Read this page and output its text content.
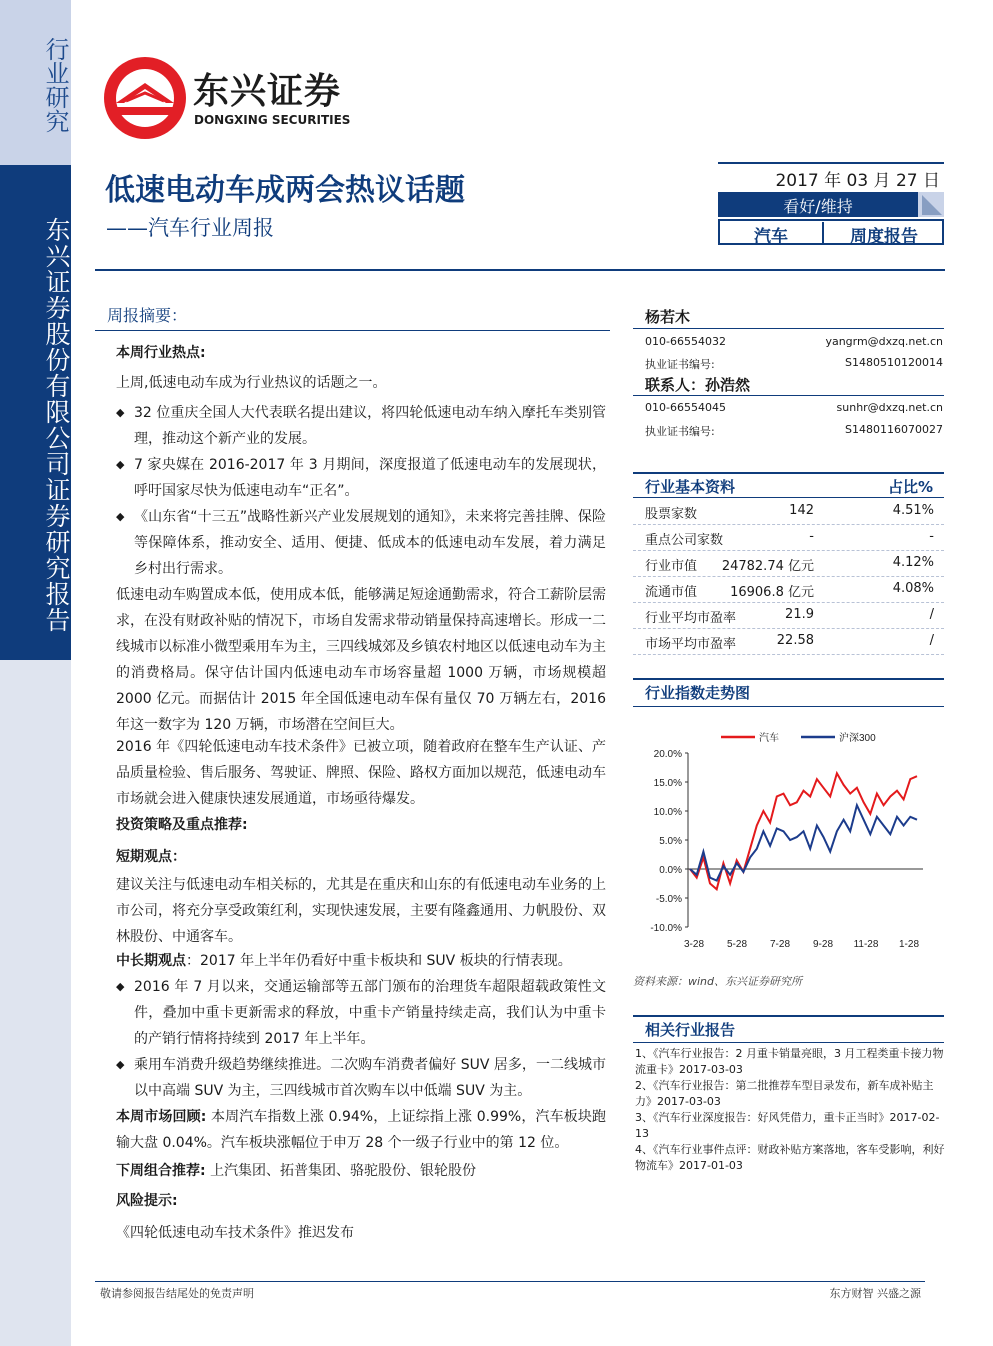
行业研究
东兴证券股份有限公司证券研究报告
东兴证券
DONGXING SECURITIES
低速电动车成两会热议话题
——汽车行业周报
2017 年 03 月 27 日
看好/维持
汽车	周度报告
周报摘要：
本周行业热点:
上周,低速电动车成为行业热议的话题之一。
◆ 32 位重庆全国人大代表联名提出建议，将四轮低速电动车纳入摩托车类别管理，推动这个新产业的发展。
◆ 7 家央媒在 2016-2017 年 3 月期间，深度报道了低速电动车的发展现状，呼吁国家尽快为低速电动车“正名”。
◆ 《山东省“十三五”战略性新兴产业发展规划的通知》，未来将完善挂牌、保险等保障体系，推动安全、适用、便捷、低成本的低速电动车发展，着力满足乡村出行需求。
低速电动车购置成本低，使用成本低，能够满足短途通勤需求，符合工薪阶层需求，在没有财政补贴的情况下，市场自发需求带动销量保持高速增长。形成一二线城市以标准小微型乘用车为主，三四线城郊及乡镇农村地区以低速电动车为主的消费格局。保守估计国内低速电动车市场容量超 1000 万辆，市场规模超 2000 亿元。而据估计 2015 年全国低速电动车保有量仅 70 万辆左右，2016 年这一数字为 120 万辆，市场潜在空间巨大。
2016 年《四轮低速电动车技术条件》已被立项，随着政府在整车生产认证、产品质量检验、售后服务、驾驶证、牌照、保险、路权方面加以规范，低速电动车市场就会进入健康快速发展通道，市场亟待爆发。
投资策略及重点推荐:
短期观点：
建议关注与低速电动车相关标的，尤其是在重庆和山东的有低速电动车业务的上市公司，将充分享受政策红利，实现快速发展，主要有隆鑫通用、力帆股份、双林股份、中通客车。
中长期观点：2017 年上半年仍看好中重卡板块和 SUV 板块的行情表现。
◆ 2016 年 7 月以来，交通运输部等五部门颁布的治理货车超限超载政策性文件，叠加中重卡更新需求的释放，中重卡产销量持续走高，我们认为中重卡的产销行情将持续到 2017 年上半年。
◆ 乘用车消费升级趋势继续推进。二次购车消费者偏好 SUV 居多，一二线城市以中高端 SUV 为主，三四线城市首次购车以中低端 SUV 为主。
本周市场回顾: 本周汽车指数上涨 0.94%，上证综指上涨 0.99%，汽车板块跑输大盘 0.04%。汽车板块涨幅位于申万 28 个一级子行业中的第 12 位。
下周组合推荐: 上汽集团、拓普集团、骆驼股份、银轮股份
风险提示:
《四轮低速电动车技术条件》推迟发布
杨若木
010-66554032	yangrm@dxzq.net.cn
执业证书编号:	S1480510120014
联系人：孙浩然
010-66554045	sunhr@dxzq.net.cn
执业证书编号:	S1480116070027
行业基本资料	占比%
股票家数	142	4.51%
重点公司家数	-	-
行业市值 24782.74 亿元	4.12%
流通市值	16906.8 亿元	4.08%
行业平均市盈率	21.9	/
市场平均市盈率	22.58	/
行业指数走势图
20.0%
15.0%
10.0%
5.0%
0.0%
-5.0%
-10.0%
3-28 5-28 7-28 9-28 11-28 1-28
汽车	沪深300
资料来源：wind、东兴证券研究所
相关行业报告
1、《汽车行业报告：2 月重卡销量亮眼，3 月工程类重卡接力物流重卡》2017-03-03
2、《汽车行业报告：第二批推荐车型目录发布，新车成补贴主力》2017-03-03
3、《汽车行业深度报告：好风凭借力，重卡正当时》2017-02-13
4、《汽车行业事件点评：财政补贴方案落地，客车受影响，利好物流车》2017-01-03
敬请参阅报告结尾处的免责声明	东方财智 兴盛之源
